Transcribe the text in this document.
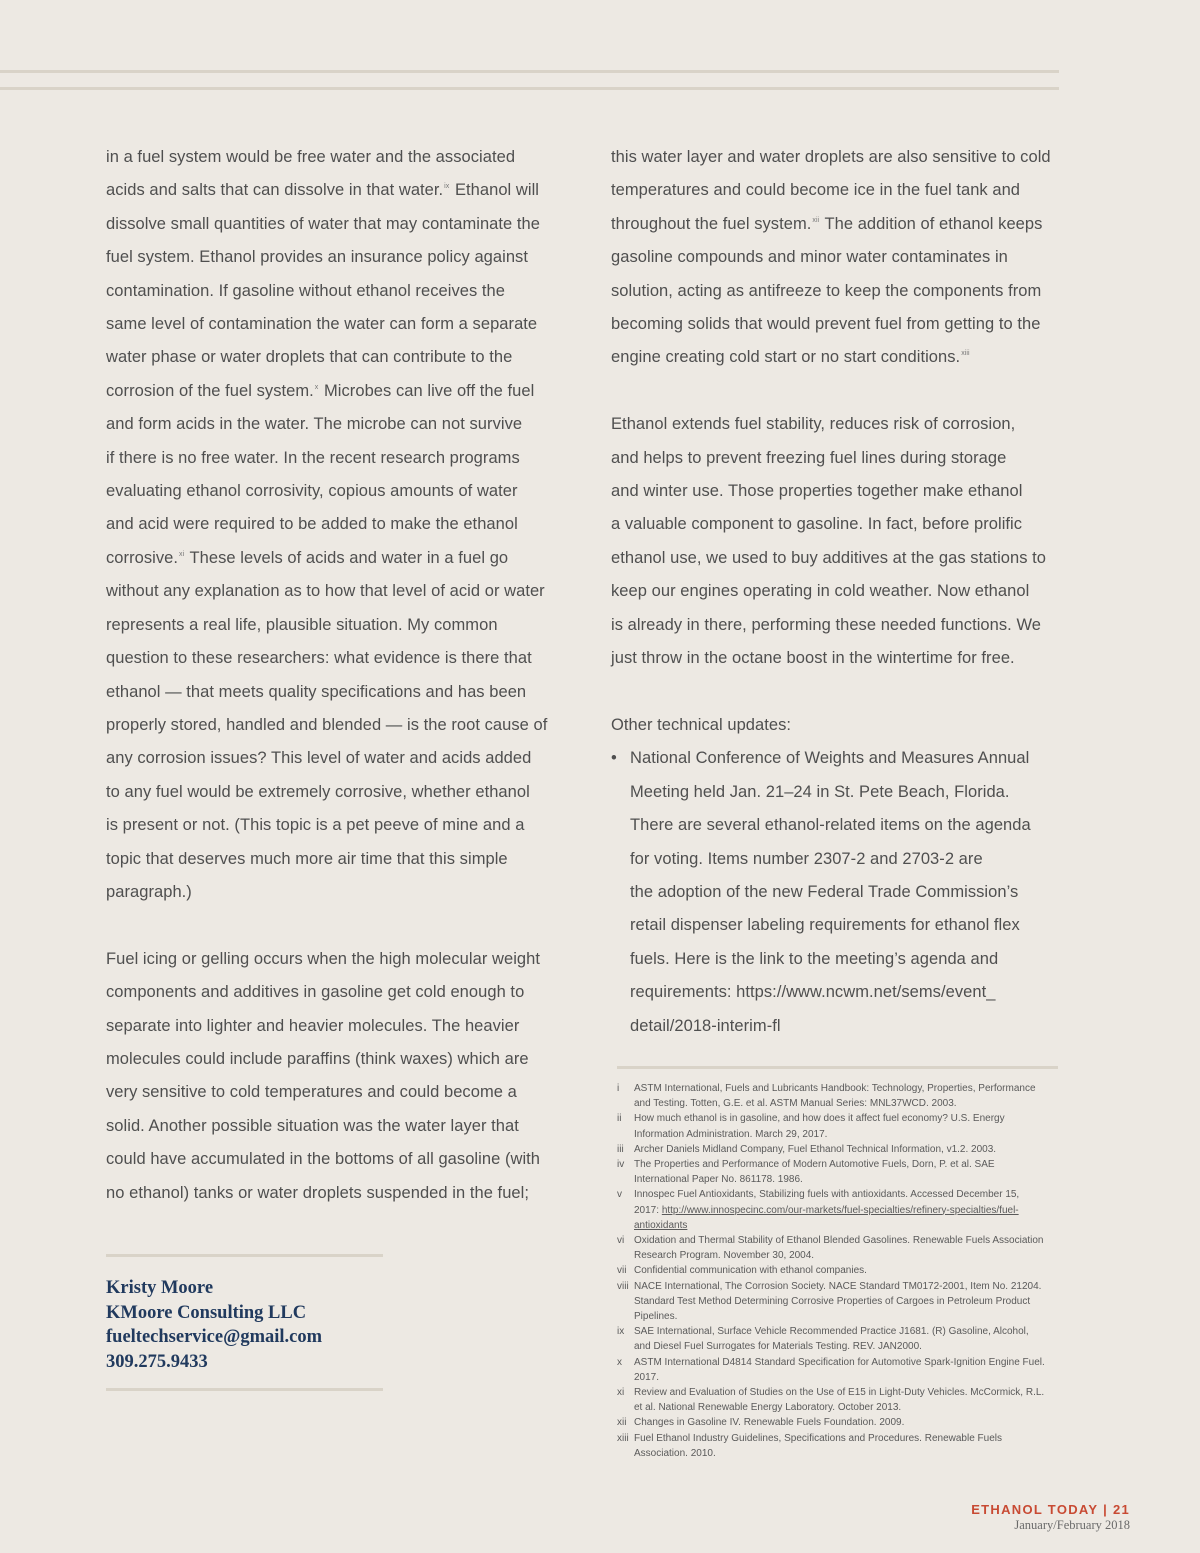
in a fuel system would be free water and the associated
acids and salts that can dissolve in that water.$^{ix}$ Ethanol will
dissolve small quantities of water that may contaminate the
fuel system. Ethanol provides an insurance policy against
contamination. If gasoline without ethanol receives the
same level of contamination the water can form a separate
water phase or water droplets that can contribute to the
corrosion of the fuel system.$^x$ Microbes can live off the fuel
and form acids in the water. The microbe can not survive
if there is no free water. In the recent research programs
evaluating ethanol corrosivity, copious amounts of water
and acid were required to be added to make the ethanol
corrosive.$^{xi}$ These levels of acids and water in a fuel go
without any explanation as to how that level of acid or water
represents a real life, plausible situation. My common
question to these researchers: what evidence is there that
ethanol — that meets quality specifications and has been
properly stored, handled and blended — is the root cause of
any corrosion issues? This level of water and acids added
to any fuel would be extremely corrosive, whether ethanol
is present or not. (This topic is a pet peeve of mine and a
topic that deserves much more air time that this simple
paragraph.)

Fuel icing or gelling occurs when the high molecular weight
components and additives in gasoline get cold enough to
separate into lighter and heavier molecules. The heavier
molecules could include paraffins (think waxes) which are
very sensitive to cold temperatures and could become a
solid. Another possible situation was the water layer that
could have accumulated in the bottoms of all gasoline (with
no ethanol) tanks or water droplets suspended in the fuel;

Kristy Moore
KMoore Consulting LLC
fueltechservice@gmail.com
309.275.9433

this water layer and water droplets are also sensitive to cold
temperatures and could become ice in the fuel tank and
throughout the fuel system.$^{xii}$ The addition of ethanol keeps
gasoline compounds and minor water contaminates in
solution, acting as antifreeze to keep the components from
becoming solids that would prevent fuel from getting to the
engine creating cold start or no start conditions.$^{xiii}$

Ethanol extends fuel stability, reduces risk of corrosion,
and helps to prevent freezing fuel lines during storage
and winter use. Those properties together make ethanol
a valuable component to gasoline. In fact, before prolific
ethanol use, we used to buy additives at the gas stations to
keep our engines operating in cold weather. Now ethanol
is already in there, performing these needed functions. We
just throw in the octane boost in the wintertime for free.

Other technical updates:

• National Conference of Weights and Measures Annual
Meeting held Jan. 21–24 in St. Pete Beach, Florida.
There are several ethanol-related items on the agenda
for voting. Items number 2307-2 and 2703-2 are
the adoption of the new Federal Trade Commission’s
retail dispenser labeling requirements for ethanol flex
fuels. Here is the link to the meeting’s agenda and
requirements: https://www.ncwm.net/sems/event_
detail/2018-interim-fl

i ASTM International, Fuels and Lubricants Handbook: Technology, Properties, Performance and Testing. Totten, G.E. et al. ASTM Manual Series: MNL37WCD. 2003.
ii How much ethanol is in gasoline, and how does it affect fuel economy? U.S. Energy Information Administration. March 29, 2017.
iii Archer Daniels Midland Company, Fuel Ethanol Technical Information, v1.2. 2003.
iv The Properties and Performance of Modern Automotive Fuels, Dorn, P. et al. SAE International Paper No. 861178. 1986.
v Innospec Fuel Antioxidants, Stabilizing fuels with antioxidants. Accessed December 15, 2017: http://www.innospecinc.com/our-markets/fuel-specialties/refinery-specialties/fuel-antioxidants
vi Oxidation and Thermal Stability of Ethanol Blended Gasolines. Renewable Fuels Association Research Program. November 30, 2004.
vii Confidential communication with ethanol companies.
viii NACE International, The Corrosion Society. NACE Standard TM0172-2001, Item No. 21204. Standard Test Method Determining Corrosive Properties of Cargoes in Petroleum Product Pipelines.
ix SAE International, Surface Vehicle Recommended Practice J1681. (R) Gasoline, Alcohol, and Diesel Fuel Surrogates for Materials Testing. REV. JAN2000.
x ASTM International D4814 Standard Specification for Automotive Spark-Ignition Engine Fuel. 2017.
xi Review and Evaluation of Studies on the Use of E15 in Light-Duty Vehicles. McCormick, R.L. et al. National Renewable Energy Laboratory. October 2013.
xii Changes in Gasoline IV. Renewable Fuels Foundation. 2009.
xiii Fuel Ethanol Industry Guidelines, Specifications and Procedures. Renewable Fuels Association. 2010.
ETHANOL TODAY | 21
January/February 2018
